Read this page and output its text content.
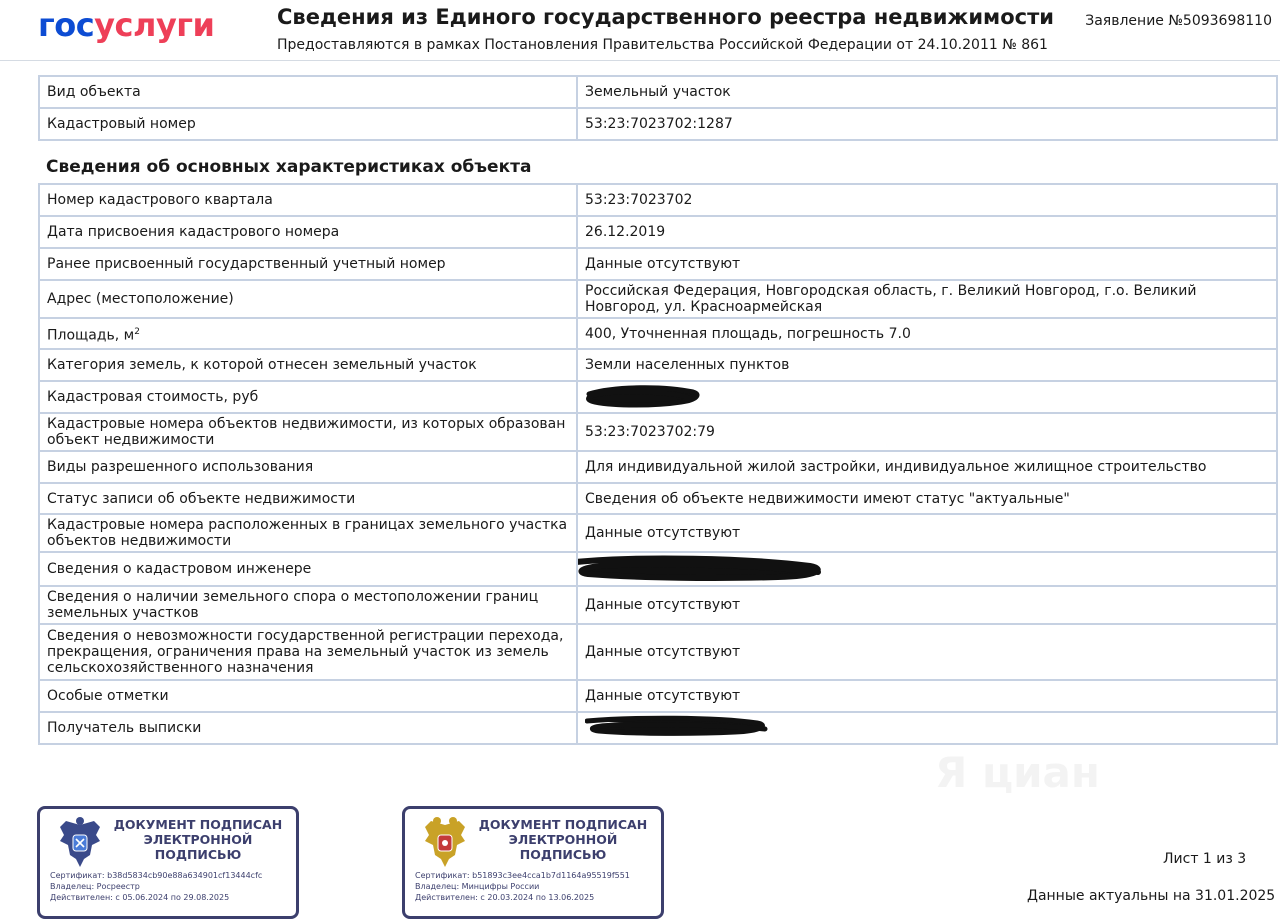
госуслуги	Сведения из Единого государственного реестра недвижимости
Предоставляются в рамках Постановления Правительства Российской Федерации от 24.10.2011 № 861
Заявление №5093698110
Вид объекта	Земельный участок
Кадастровый номер	53:23:7023702:1287
Сведения об основных характеристиках объекта
Номер кадастрового квартала	53:23:7023702
Дата присвоения кадастрового номера	26.12.2019
Ранее присвоенный государственный учетный номер	Данные отсутствуют
Адрес (местоположение)	Российская Федерация, Новгородская область, г. Великий Новгород, г.о. Великий Новгород, ул. Красноармейская
Площадь, $м^2$	400, Уточненная площадь, погрешность 7.0
Категория земель, к которой отнесен земельный участок	Земли населенных пунктов
Кадастровая стоимость, руб	

Кадастровые номера объектов недвижимости, из которых образован объект недвижимости	53:23:7023702:79
Виды разрешенного использования	Для индивидуальной жилой застройки, индивидуальное жилищное строительство
Статус записи об объекте недвижимости	Сведения об объекте недвижимости имеют статус "актуальные"
Кадастровые номера расположенных в границах земельного участка объектов недвижимости	Данные отсутствуют
Сведения о кадастровом инженере	

Сведения о наличии земельного спора о местоположении границ земельных участков	Данные отсутствуют
Сведения о невозможности государственной регистрации перехода, прекращения, ограничения права на земельный участок из земель сельскохозяйственного назначения	Данные отсутствуют
Особые отметки	Данные отсутствуют
Получатель выписки	
Я циан
ДОКУМЕНТ ПОДПИСАН
ЭЛЕКТРОННОЙ
ПОДПИСЬЮ
Сертификат: b38d5834cb90e88a634901cf13444cfc
Владелец: Росреестр
Действителен: с 05.06.2024 по 29.08.2025
ДОКУМЕНТ ПОДПИСАН
ЭЛЕКТРОННОЙ
ПОДПИСЬЮ
Сертификат: b51893c3ee4cca1b7d1164a95519f551
Владелец: Минцифры России
Действителен: с 20.03.2024 по 13.06.2025
Лист 1 из 3
Данные актуальны на 31.01.2025
